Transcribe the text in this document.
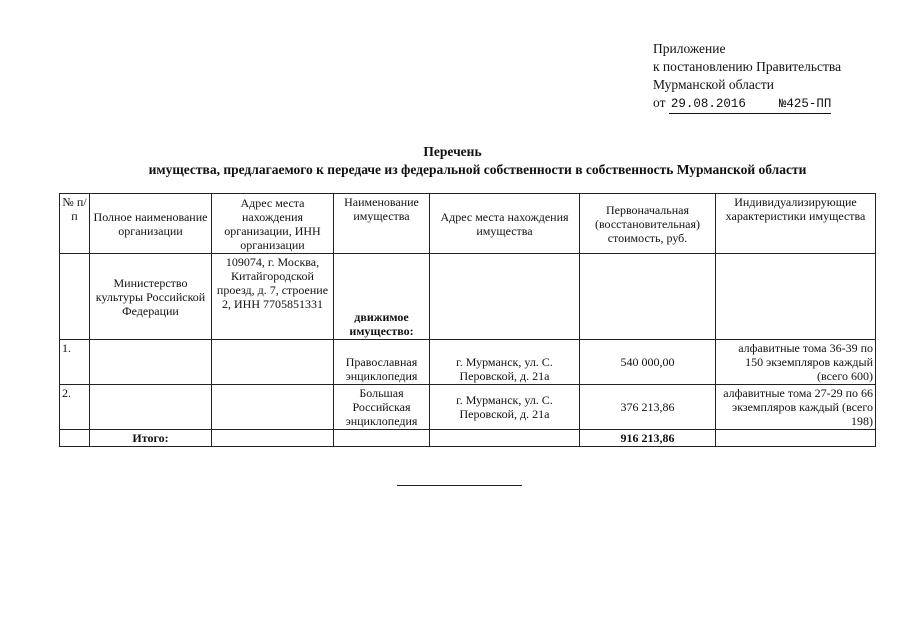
Приложение
к постановлению Правительства
Мурманской области
от 29.08.2016	№425-ПП
Перечень
имущества, предлагаемого к передаче из федеральной собственности в собственность Мурманской области
№ п/п	Полное наименование организации	Адрес места нахождения организации, ИНН организации	Наименование имущества	Адрес места нахождения имущества	Первоначальная (восстановительная) стоимость, руб.	Индивидуализирующие характеристики имущества
	Министерство культуры Российской Федерации	109074, г. Москва, Китайгородской проезд, д. 7, строение 2, ИНН 7705851331	движимое имущество:			
1.			Православная энциклопедия	г. Мурманск, ул. С. Перовской, д. 21а	540 000,00	алфавитные тома 36-39 по 150 экземпляров каждый (всего 600)
2.			Большая Российская энциклопедия	г. Мурманск, ул. С. Перовской, д. 21а	376 213,86	алфавитные тома 27-29 по 66 экземпляров каждый (всего 198)
	Итого:				916 213,86	
